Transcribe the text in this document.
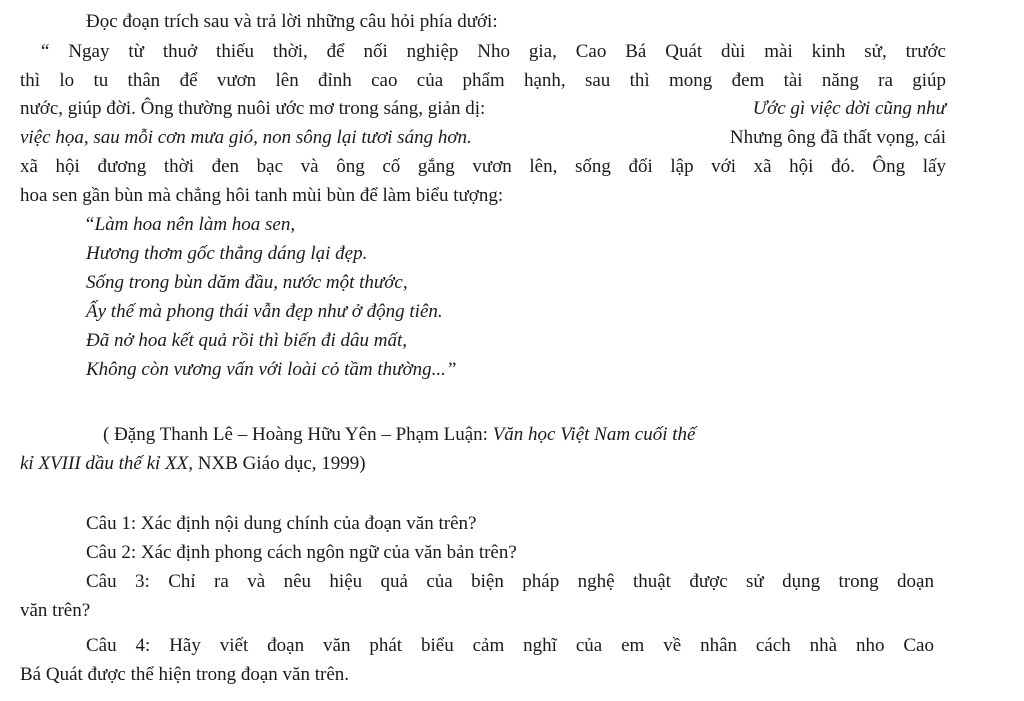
Đọc đoạn trích sau và trả lời những câu hỏi phía dưới:
“ Ngay từ thuở thiếu thời, để nối nghiệp Nho gia, Cao Bá Quát dùi mài kinh sử, trước
thì lo tu thân để vươn lên đỉnh cao của phẩm hạnh, sau thì mong đem tài năng ra giúp
nước, giúp đời. Ông thường nuôi ước mơ trong sáng, giản dị:	Ước gì việc dời cũng như
việc họa, sau mỗi cơn mưa gió, non sông lại tươi sáng hơn.	Nhưng ông đã thất vọng, cái
xã hội đương thời đen bạc và ông cố gắng vươn lên, sống đối lập với xã hội đó. Ông lấy
hoa sen gần bùn mà chẳng hôi tanh mùi bùn để làm biểu tượng:
“Làm hoa nên làm hoa sen,
Hương thơm gốc thẳng dáng lại đẹp.
Sống trong bùn dăm đầu, nước một thước,
Ấy thế mà phong thái vẫn đẹp như ở động tiên.
Đã nở hoa kết quả rồi thì biến đi dâu mất,
Không còn vương vấn với loài cỏ tầm thường...”
( Đặng Thanh Lê – Hoàng Hữu Yên – Phạm Luận: Văn học Việt Nam cuối thế
kỉ XVIII dầu thế kỉ XX, NXB Giáo dục, 1999)
Câu 1: Xác định nội dung chính của đoạn văn trên?
Câu 2: Xác định phong cách ngôn ngữ của văn bản trên?
Câu 3: Chỉ ra và nêu hiệu quả của biện pháp nghệ thuật được sử dụng trong doạn
văn trên?
Câu 4: Hãy viết đoạn văn phát biểu cảm nghĩ của em về nhân cách nhà nho Cao
Bá Quát được thể hiện trong đoạn văn trên.
